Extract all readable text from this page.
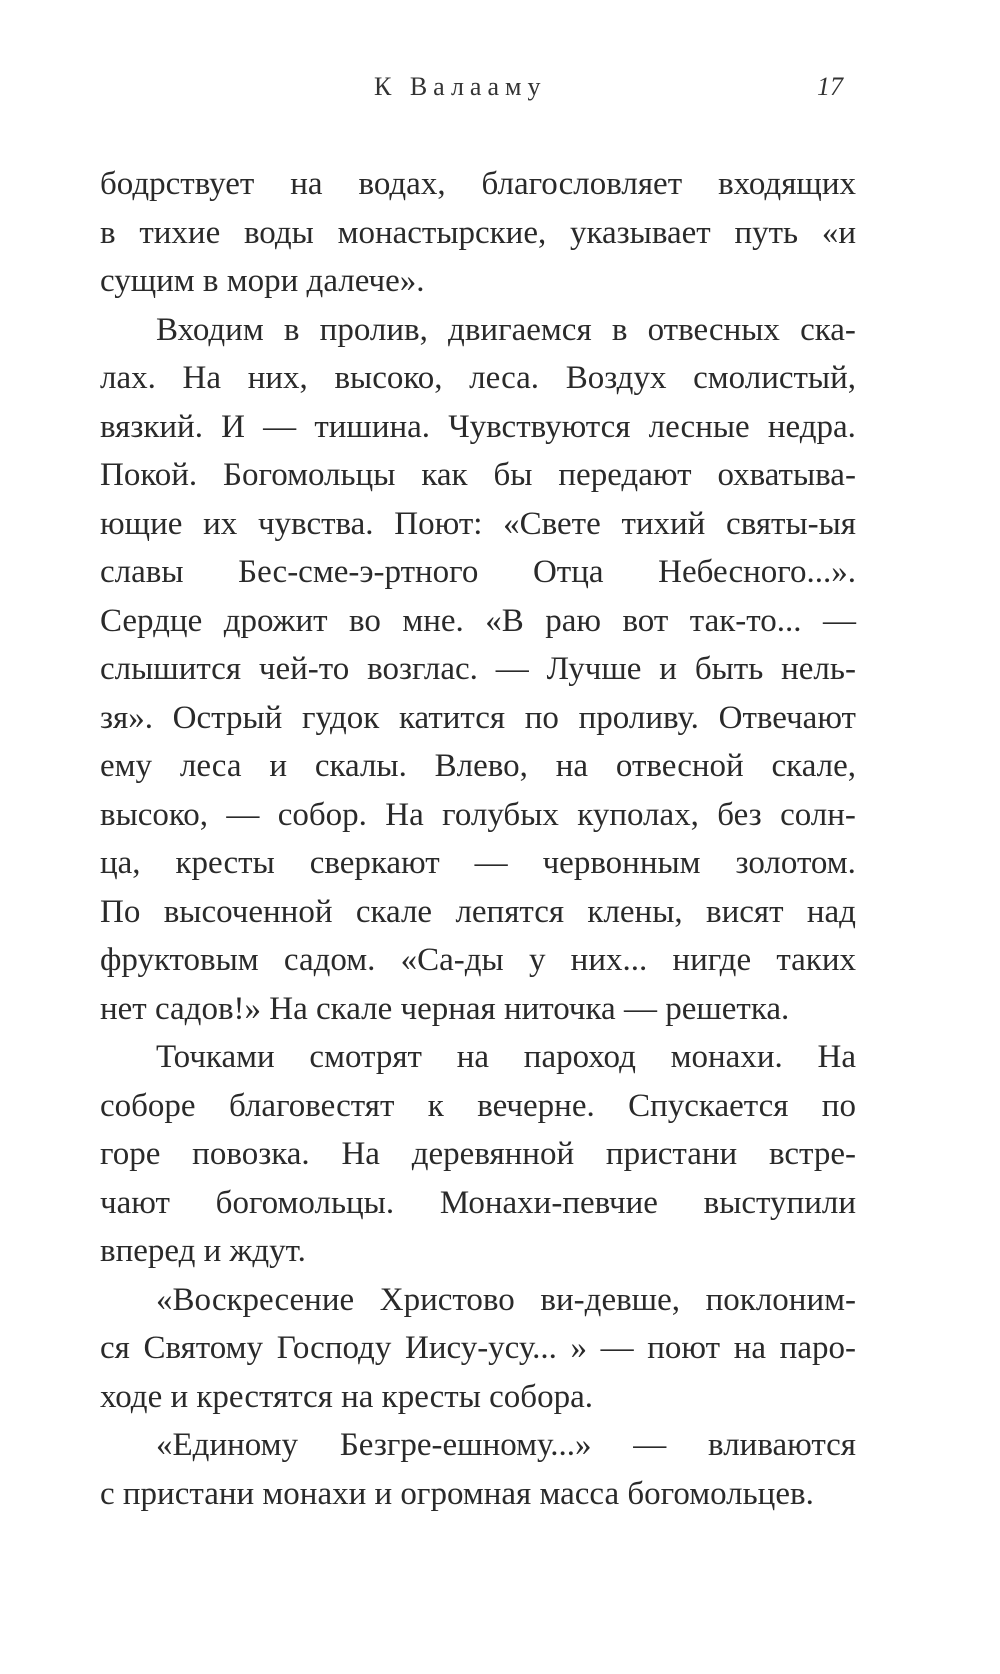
К Валааму	17
бодрствует на водах, благословляет входящих
в тихие воды монастырские, указывает путь «и
сущим в мори далече».
Входим в пролив, двигаемся в отвесных ска-
лах. На них, высоко, леса. Воздух смолистый,
вязкий. И — тишина. Чувствуются лесные недра.
Покой. Богомольцы как бы передают охватыва-
ющие их чувства. Поют: «Свете тихий святы-ыя
славы Бес-сме-э-ртного Отца Небесного...».
Сердце дрожит во мне. «В раю вот так-то... —
слышится чей-то возглас. — Лучше и быть нель-
зя». Острый гудок катится по проливу. Отвечают
ему леса и скалы. Влево, на отвесной скале,
высоко, — собор. На голубых куполах, без солн-
ца, кресты сверкают — червонным золотом.
По высоченной скале лепятся клены, висят над
фруктовым садом. «Са-ды у них... нигде таких
нет садов!» На скале черная ниточка — решетка.
Точками смотрят на пароход монахи. На
соборе благовестят к вечерне. Спускается по
горе повозка. На деревянной пристани встре-
чают богомольцы. Монахи-певчие выступили
вперед и ждут.
«Воскресение Христово ви-девше, поклоним-
ся Святому Господу Иису-усу... » — поют на паро-
ходе и крестятся на кресты собора.
«Единому Безгре-ешному...» — вливаются
с пристани монахи и огромная масса богомольцев.
